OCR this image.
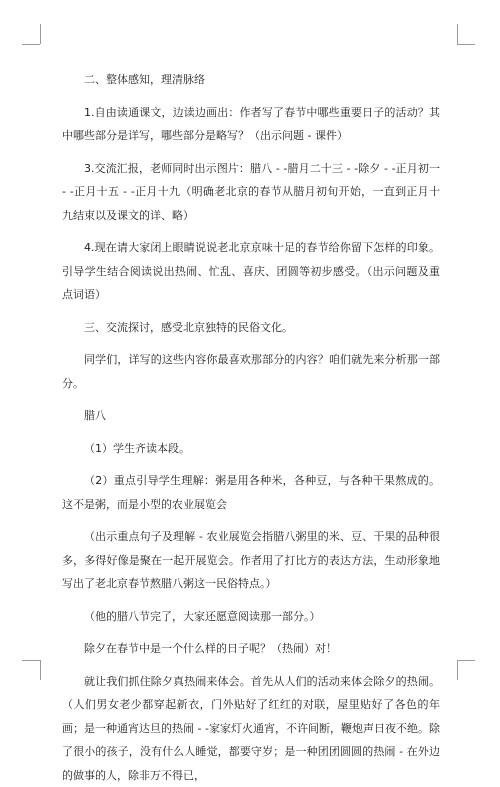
二、整体感知，理清脉络

1.自由读通课文，边读边画出：作者写了春节中哪些重要日子的活动？其中哪些部分是详写，哪些部分是略写？（出示问题 - 课件）

3.交流汇报，老师同时出示图片：腊八 - -腊月二十三 - -除夕 - -正月初一 - -正月十五 - -正月十九（明确老北京的春节从腊月初旬开始，一直到正月十九结束以及课文的详、略）

4.现在请大家闭上眼睛说说老北京京味十足的春节给你留下怎样的印象。引导学生结合阅读说出热闹、忙乱、喜庆、团圆等初步感受。（出示问题及重点词语）

三、交流探讨，感受北京独特的民俗文化。

同学们，详写的这些内容你最喜欢那部分的内容？咱们就先来分析那一部分。

腊八

（1）学生齐读本段。

（2）重点引导学生理解：粥是用各种米，各种豆，与各种干果熬成的。这不是粥，而是小型的农业展览会

（出示重点句子及理解 - 农业展览会指腊八粥里的米、豆、干果的品种很多，多得好像是聚在一起开展览会。作者用了打比方的表达方法，生动形象地写出了老北京春节熬腊八粥这一民俗特点。）

（他的腊八节完了，大家还愿意阅读那一部分。）

除夕在春节中是一个什么样的日子呢？（热闹）对！

就让我们抓住除夕真热闹来体会。首先从人们的活动来体会除夕的热闹。（人们男女老少都穿起新衣，门外贴好了红红的对联，屋里贴好了各色的年画；是一种通宵达旦的热闹 - -家家灯火通宵，不许间断，鞭炮声日夜不绝。除了很小的孩子，没有什么人睡觉，都要守岁；是一种团团圆圆的热闹 - 在外边的做事的人，除非万不得已，
